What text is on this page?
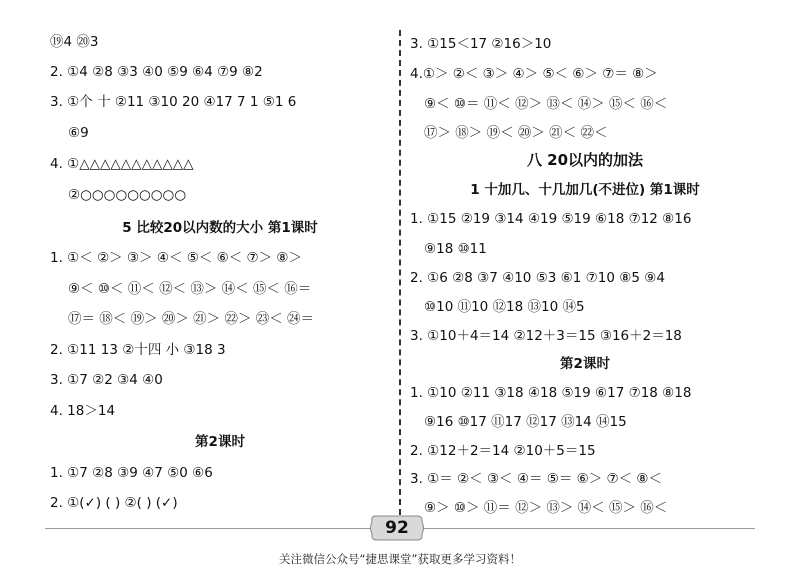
⑲4 ⑳3
2. ①4 ②8 ③3 ④0 ⑤9 ⑥4 ⑦9 ⑧2
3. ①个 十 ②11 ③10 20 ④17 7 1 ⑤1 6
⑥9
4. ①△△△△△△△△△△△
②○○○○○○○○○
5 比较20以内数的大小 第1课时
1. ①＜ ②＞ ③＞ ④＜ ⑤＜ ⑥＜ ⑦＞ ⑧＞
⑨＜ ⑩＜ ⑪＜ ⑫＜ ⑬＞ ⑭＜ ⑮＜ ⑯＝
⑰＝ ⑱＜ ⑲＞ ⑳＞ ㉑＞ ㉒＞ ㉓＜ ㉔＝
2. ①11 13 ②十四 小 ③18 3
3. ①7 ②2 ③4 ④0
4. 18＞14
第2课时
1. ①7 ②8 ③9 ④7 ⑤0 ⑥6
2. ①(✓) ( ) ②( ) (✓)
3. ①15＜17 ②16＞10
4.①＞ ②＜ ③＞ ④＞ ⑤＜ ⑥＞ ⑦＝ ⑧＞
⑨＜ ⑩＝ ⑪＜ ⑫＞ ⑬＜ ⑭＞ ⑮＜ ⑯＜
⑰＞ ⑱＞ ⑲＜ ⑳＞ ㉑＜ ㉒＜
八 20以内的加法
1 十加几、十几加几(不进位) 第1课时
1. ①15 ②19 ③14 ④19 ⑤19 ⑥18 ⑦12 ⑧16
⑨18 ⑩11
2. ①6 ②8 ③7 ④10 ⑤3 ⑥1 ⑦10 ⑧5 ⑨4
⑩10 ⑪10 ⑫18 ⑬10 ⑭5
3. ①10＋4＝14 ②12＋3＝15 ③16＋2＝18
第2课时
1. ①10 ②11 ③18 ④18 ⑤19 ⑥17 ⑦18 ⑧18
⑨16 ⑩17 ⑪17 ⑫17 ⑬14 ⑭15
2. ①12＋2＝14 ②10＋5＝15
3. ①＝ ②＜ ③＜ ④＝ ⑤＝ ⑥＞ ⑦＜ ⑧＜
⑨＞ ⑩＞ ⑪＝ ⑫＞ ⑬＞ ⑭＜ ⑮＞ ⑯＜
92
关注微信公众号“捷思课堂”获取更多学习资料！
